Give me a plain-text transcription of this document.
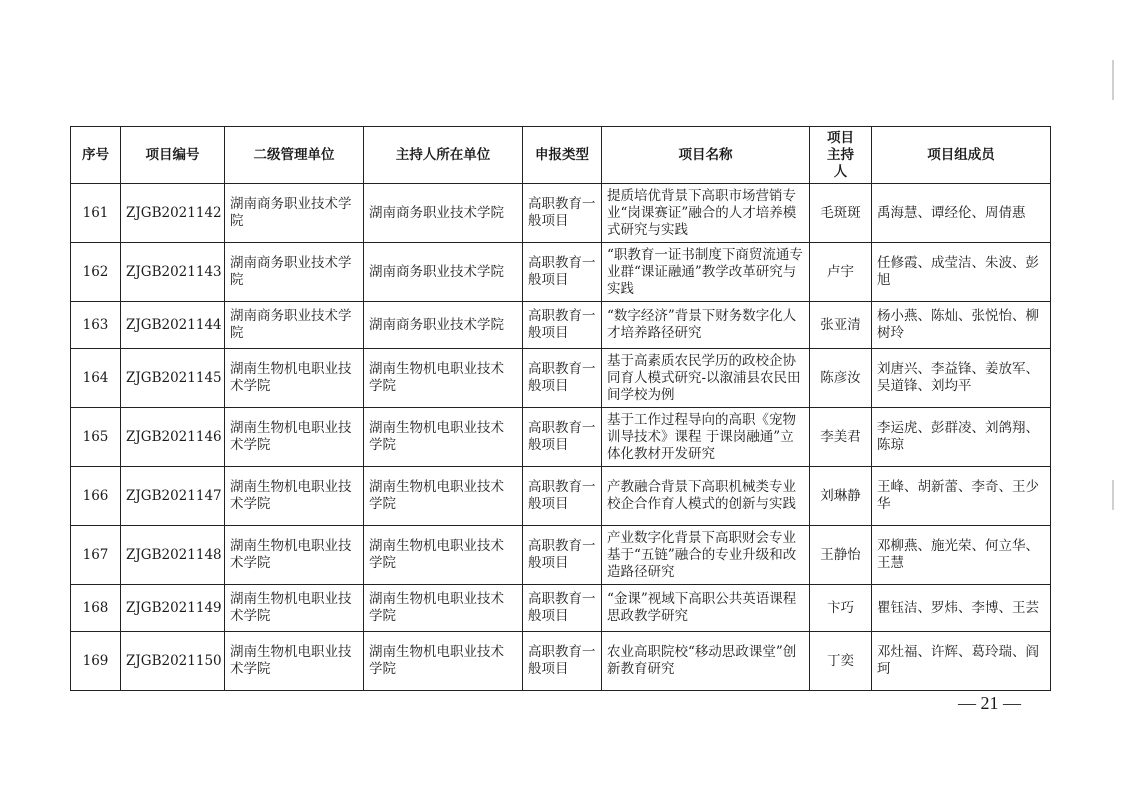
序号	项目编号	二级管理单位	主持人所在单位	申报类型	项目名称	项目主持人	项目组成员
161	ZJGB2021142	湖南商务职业技术学院	湖南商务职业技术学院	高职教育一般项目	提质培优背景下高职市场营销专业“岗课赛证”融合的人才培养模式研究与实践	毛斑斑	禹海慧、谭经伦、周倩惠
162	ZJGB2021143	湖南商务职业技术学院	湖南商务职业技术学院	高职教育一般项目	“职教育一证书制度下商贸流通专业群“课证融通”教学改革研究与实践	卢宇	任修霞、成莹洁、朱波、彭旭
163	ZJGB2021144	湖南商务职业技术学院	湖南商务职业技术学院	高职教育一般项目	“数字经济”背景下财务数字化人才培养路径研究	张亚清	杨小燕、陈灿、张悦怡、柳树玲
164	ZJGB2021145	湖南生物机电职业技术学院	湖南生物机电职业技术学院	高职教育一般项目	基于高素质农民学历的政校企协同育人模式研究-以溆浦县农民田间学校为例	陈彦汝	刘唐兴、李益锋、姜放军、吴道锋、刘均平
165	ZJGB2021146	湖南生物机电职业技术学院	湖南生物机电职业技术学院	高职教育一般项目	基于工作过程导向的高职《宠物训导技术》课程 于课岗融通”立体化教材开发研究	李美君	李运虎、彭群凌、刘鸽翔、陈琼
166	ZJGB2021147	湖南生物机电职业技术学院	湖南生物机电职业技术学院	高职教育一般项目	产教融合背景下高职机械类专业校企合作育人模式的创新与实践	刘琳静	王峰、胡新蕾、李奇、王少华
167	ZJGB2021148	湖南生物机电职业技术学院	湖南生物机电职业技术学院	高职教育一般项目	产业数字化背景下高职财会专业基于“五链”融合的专业升级和改造路径研究	王静怡	邓柳燕、施光荣、何立华、王慧
168	ZJGB2021149	湖南生物机电职业技术学院	湖南生物机电职业技术学院	高职教育一般项目	“金课”视域下高职公共英语课程思政教学研究	卞巧	瞿钰洁、罗炜、李博、王芸
169	ZJGB2021150	湖南生物机电职业技术学院	湖南生物机电职业技术学院	高职教育一般项目	农业高职院校“移动思政课堂”创新教育研究	丁奕	邓灶福、许辉、葛玲瑞、阎珂
— 21 —
